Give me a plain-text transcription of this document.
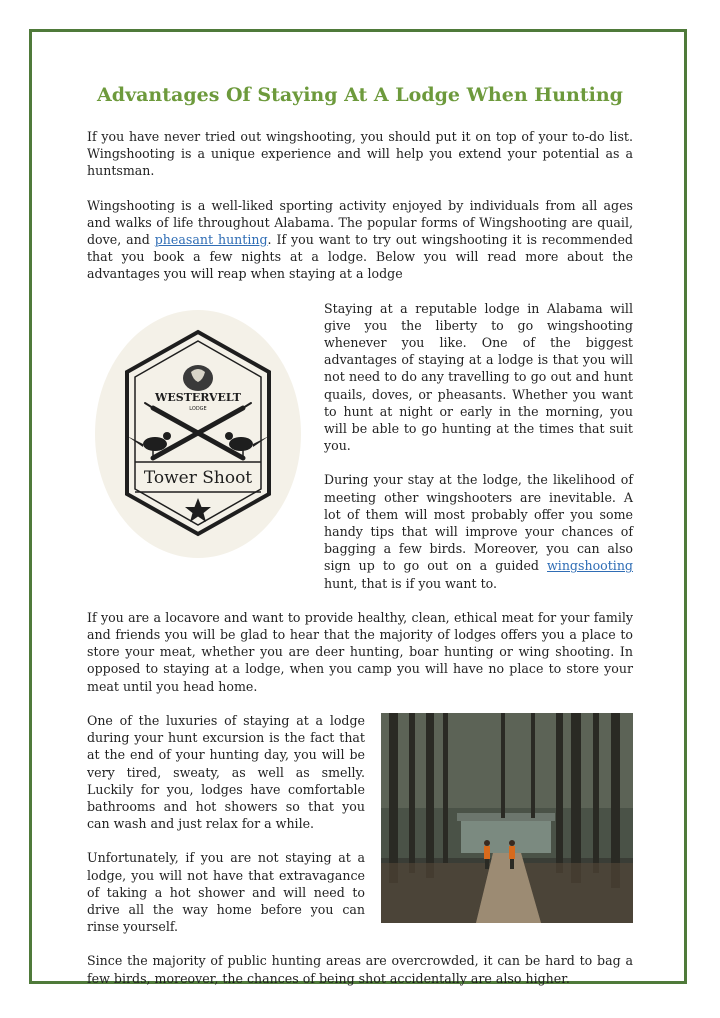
Advantages Of Staying At A Lodge When Hunting

If you have never tried out wingshooting, you should put it on top of your to-do list. Wingshooting is a unique experience and will help you extend your potential as a huntsman.

Wingshooting is a well-liked sporting activity enjoyed by individuals from all ages and walks of life throughout Alabama. The popular forms of Wingshooting are quail, dove, and pheasant hunting. If you want to try out wingshooting it is recommended that you book a few nights at a lodge. Below you will read more about the advantages you will reap when staying at a lodge

WESTERVELT
LODGE
Tower Shoot

Staying at a reputable lodge in Alabama will give you the liberty to go wingshooting whenever you like. One of the biggest advantages of staying at a lodge is that you will not need to do any travelling to go out and hunt quails, doves, or pheasants. Whether you want to hunt at night or early in the morning, you will be able to go hunting at the times that suit you.

During your stay at the lodge, the likelihood of meeting other wingshooters are inevitable. A lot of them will most probably offer you some handy tips that will improve your chances of bagging a few birds. Moreover, you can also sign up to go out on a guided wingshooting hunt, that is if you want to.

If you are a locavore and want to provide healthy, clean, ethical meat for your family and friends you will be glad to hear that the majority of lodges offers you a place to store your meat, whether you are deer hunting, boar hunting or wing shooting. In opposed to staying at a lodge, when you camp you will have no place to store your meat until you head home.

One of the luxuries of staying at a lodge during your hunt excursion is the fact that at the end of your hunting day, you will be very tired, sweaty, as well as smelly. Luckily for you, lodges have comfortable bathrooms and hot showers so that you can wash and just relax for a while.

Unfortunately, if you are not staying at a lodge, you will not have that extravagance of taking a hot shower and will need to drive all the way home before you can rinse yourself.

Since the majority of public hunting areas are overcrowded, it can be hard to bag a few birds, moreover, the chances of being shot accidentally are also higher.
